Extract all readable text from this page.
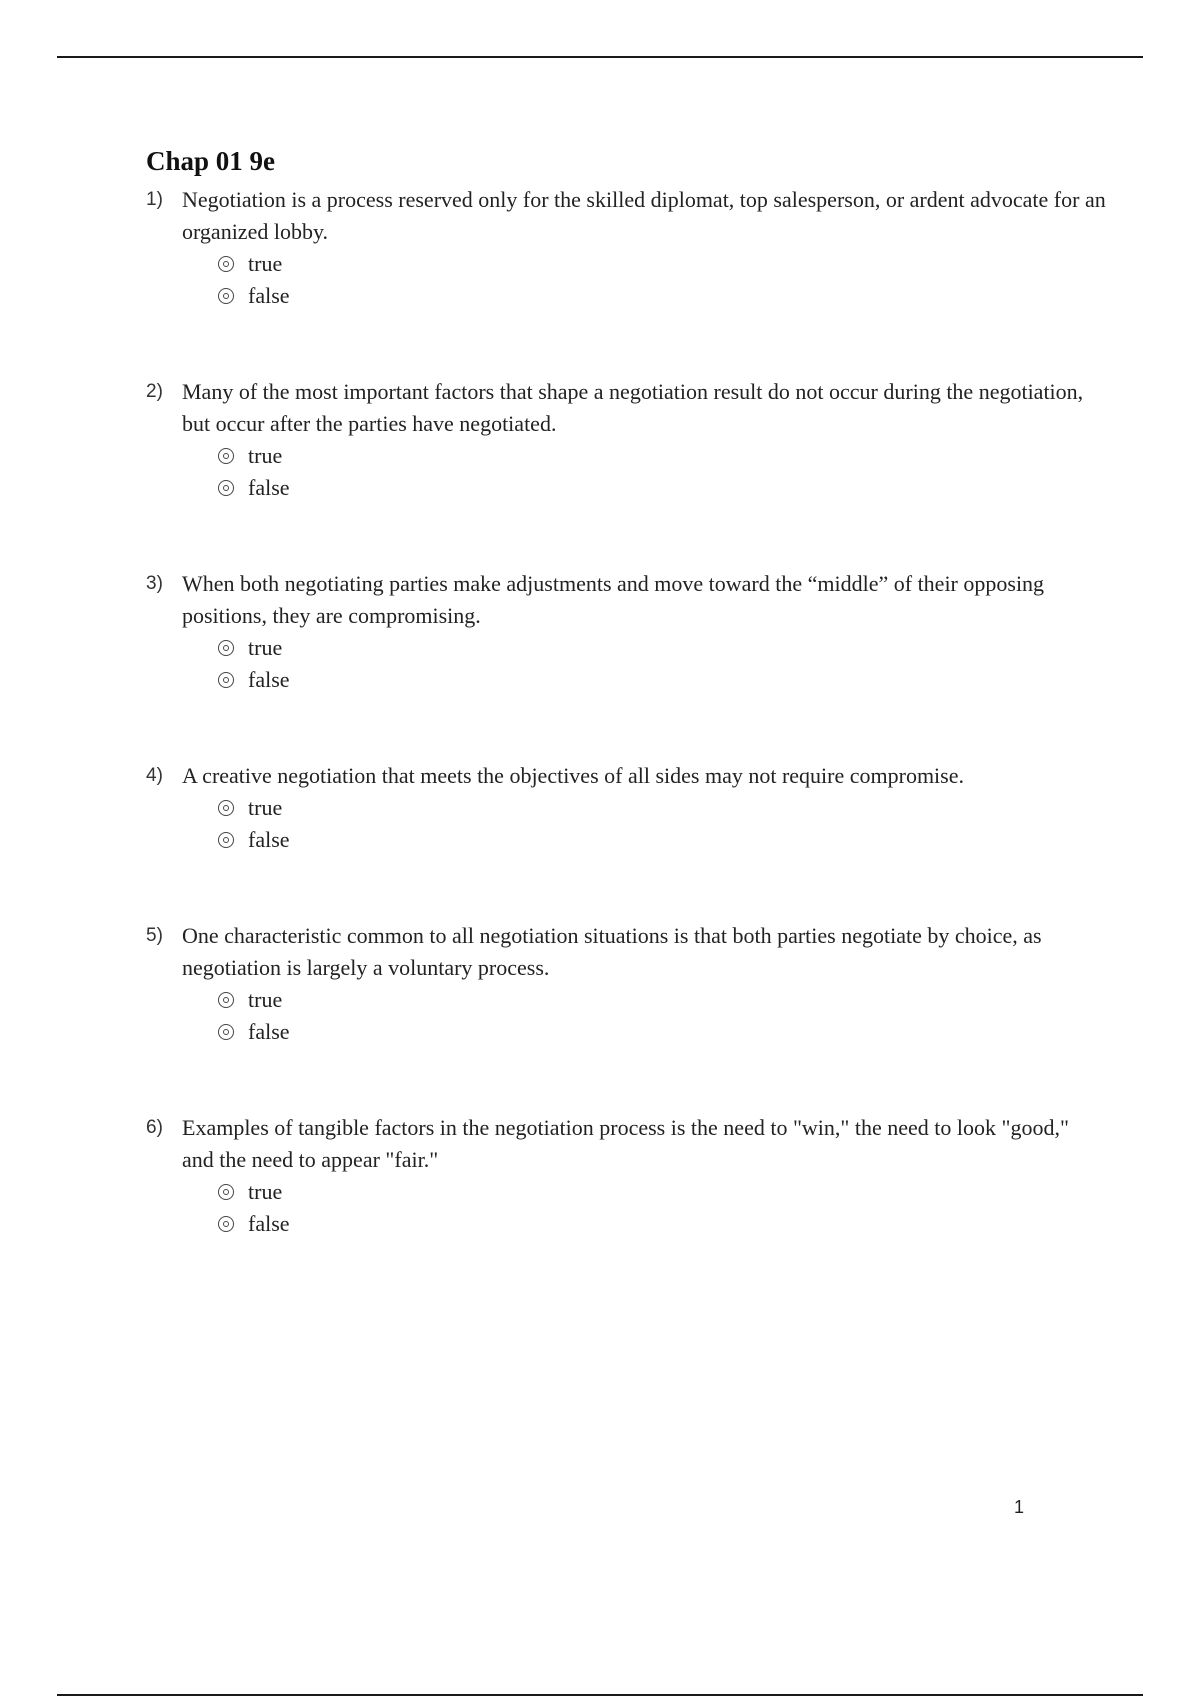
Chap 01 9e
1) Negotiation is a process reserved only for the skilled diplomat, top salesperson, or ardent advocate for an organized lobby.
true
false
2) Many of the most important factors that shape a negotiation result do not occur during the negotiation, but occur after the parties have negotiated.
true
false
3) When both negotiating parties make adjustments and move toward the “middle” of their opposing positions, they are compromising.
true
false
4) A creative negotiation that meets the objectives of all sides may not require compromise.
true
false
5) One characteristic common to all negotiation situations is that both parties negotiate by choice, as negotiation is largely a voluntary process.
true
false
6) Examples of tangible factors in the negotiation process is the need to "win," the need to look "good," and the need to appear "fair."
true
false
1
